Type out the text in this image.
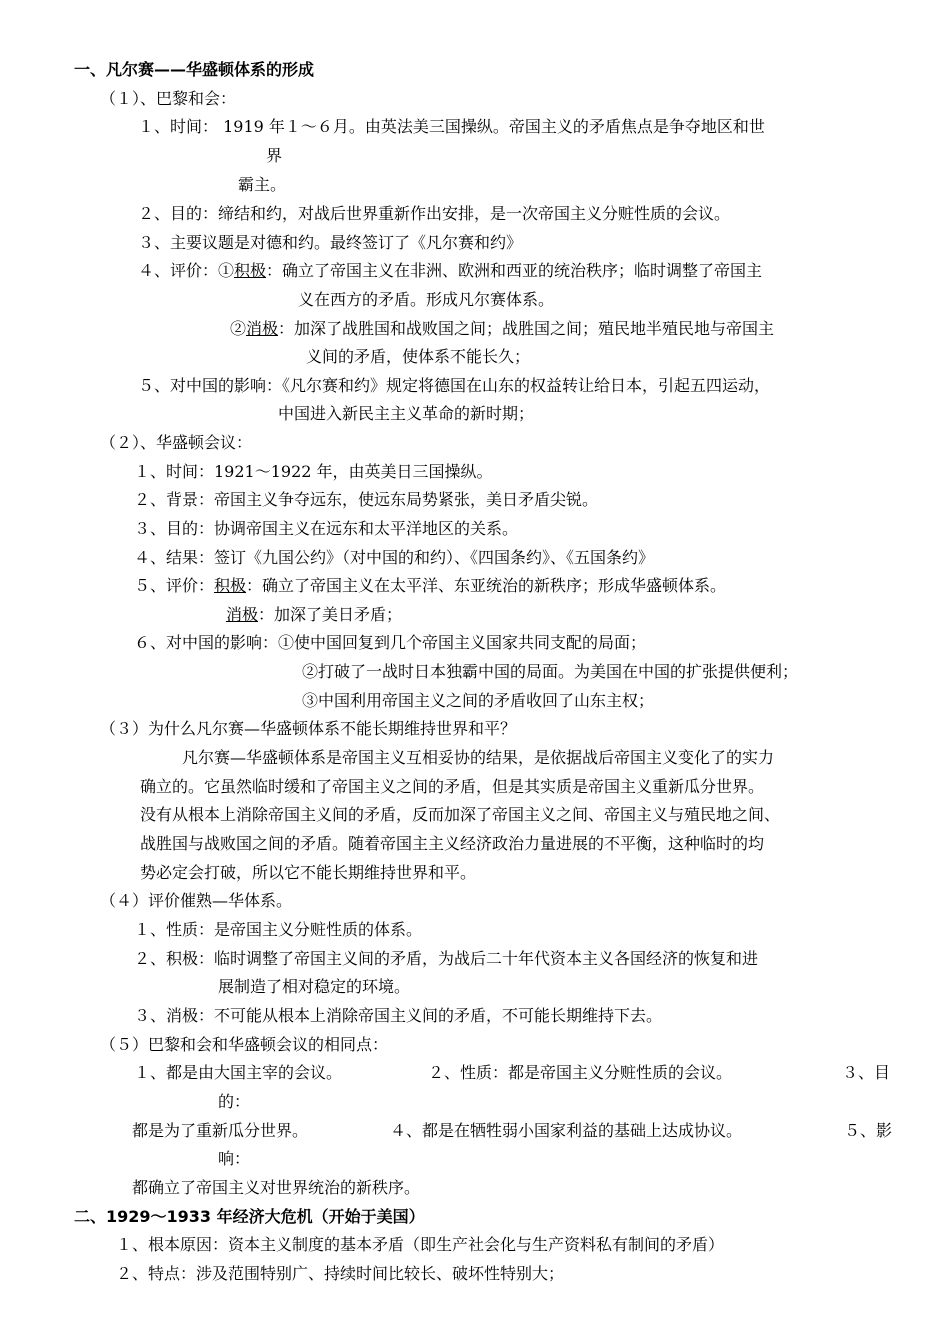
一、凡尔赛——华盛顿体系的形成
（１）、巴黎和会：
１、时间： 1919 年１～６月。由英法美三国操纵。帝国主义的矛盾焦点是争夺地区和世
界
霸主。
２、目的：缔结和约，对战后世界重新作出安排，是一次帝国主义分赃性质的会议。
３、主要议题是对德和约。最终签订了《凡尔赛和约》
４、评价：①积极：确立了帝国主义在非洲、欧洲和西亚的统治秩序；临时调整了帝国主
义在西方的矛盾。形成凡尔赛体系。
②消极：加深了战胜国和战败国之间；战胜国之间；殖民地半殖民地与帝国主
义间的矛盾，使体系不能长久；
５、对中国的影响：《凡尔赛和约》规定将德国在山东的权益转让给日本，引起五四运动，
中国进入新民主主义革命的新时期；
（２）、华盛顿会议：
１、时间：1921～1922 年，由英美日三国操纵。
２、背景：帝国主义争夺远东，使远东局势紧张，美日矛盾尖锐。
３、目的：协调帝国主义在远东和太平洋地区的关系。
４、结果：签订《九国公约》（对中国的和约）、《四国条约》、《五国条约》
５、评价：积极：确立了帝国主义在太平洋、东亚统治的新秩序；形成华盛顿体系。
消极：加深了美日矛盾；
６、对中国的影响：①使中国回复到几个帝国主义国家共同支配的局面；
②打破了一战时日本独霸中国的局面。为美国在中国的扩张提供便利；
③中国利用帝国主义之间的矛盾收回了山东主权；
（３）为什么凡尔赛—华盛顿体系不能长期维持世界和平？
凡尔赛—华盛顿体系是帝国主义互相妥协的结果，是依据战后帝国主义变化了的实力
确立的。它虽然临时缓和了帝国主义之间的矛盾，但是其实质是帝国主义重新瓜分世界。
没有从根本上消除帝国主义间的矛盾，反而加深了帝国主义之间、帝国主义与殖民地之间、
战胜国与战败国之间的矛盾。随着帝国主主义经济政治力量进展的不平衡，这种临时的均
势必定会打破，所以它不能长期维持世界和平。
（４）评价催熟—华体系。
１、性质：是帝国主义分赃性质的体系。
２、积极：临时调整了帝国主义间的矛盾，为战后二十年代资本主义各国经济的恢复和进
展制造了相对稳定的环境。
３、消极：不可能从根本上消除帝国主义间的矛盾，不可能长期维持下去。
（５）巴黎和会和华盛顿会议的相同点：
１、都是由大国主宰的会议。	２、性质：都是帝国主义分赃性质的会议。	３、目
的：
都是为了重新瓜分世界。	４、都是在牺牲弱小国家利益的基础上达成协议。	５、影
响：
都确立了帝国主义对世界统治的新秩序。
二、1929～1933 年经济大危机（开始于美国）
１、根本原因：资本主义制度的基本矛盾（即生产社会化与生产资料私有制间的矛盾）
２、特点：涉及范围特别广、持续时间比较长、破坏性特别大；
